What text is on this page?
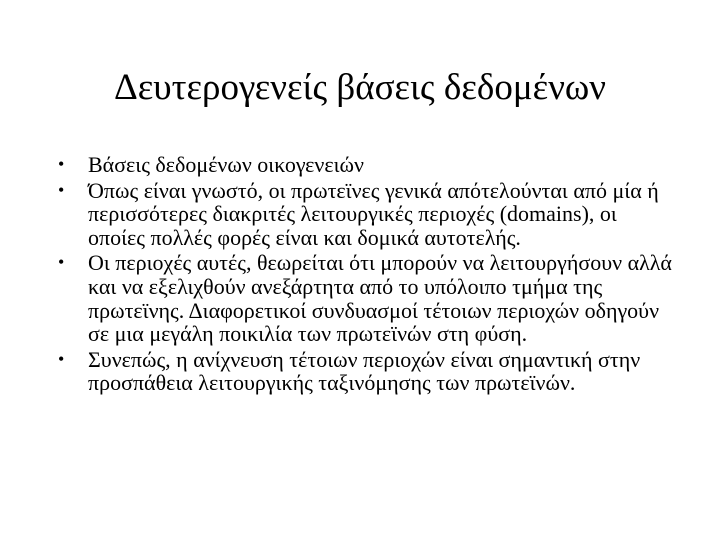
Δευτερογενείς βάσεις δεδομένων
• Βάσεις δεδομένων οικογενειών
• Όπως είναι γνωστό, οι πρωτεϊνες γενικά απότελούνται από μία ή περισσότερες διακριτές λειτουργικές περιοχές (domains), οι οποίες πολλές φορές είναι και δομικά αυτοτελής.
• Οι περιοχές αυτές, θεωρείται ότι μπορούν να λειτουργήσουν αλλά και να εξελιχθούν ανεξάρτητα από το υπόλοιπο τμήμα της πρωτεϊνης. Διαφορετικοί συνδυασμοί τέτοιων περιοχών οδηγούν σε μια μεγάλη ποικιλία των πρωτεϊνών στη φύση.
• Συνεπώς, η ανίχνευση τέτοιων περιοχών είναι σημαντική στην προσπάθεια λειτουργικής ταξινόμησης των πρωτεϊνών.
